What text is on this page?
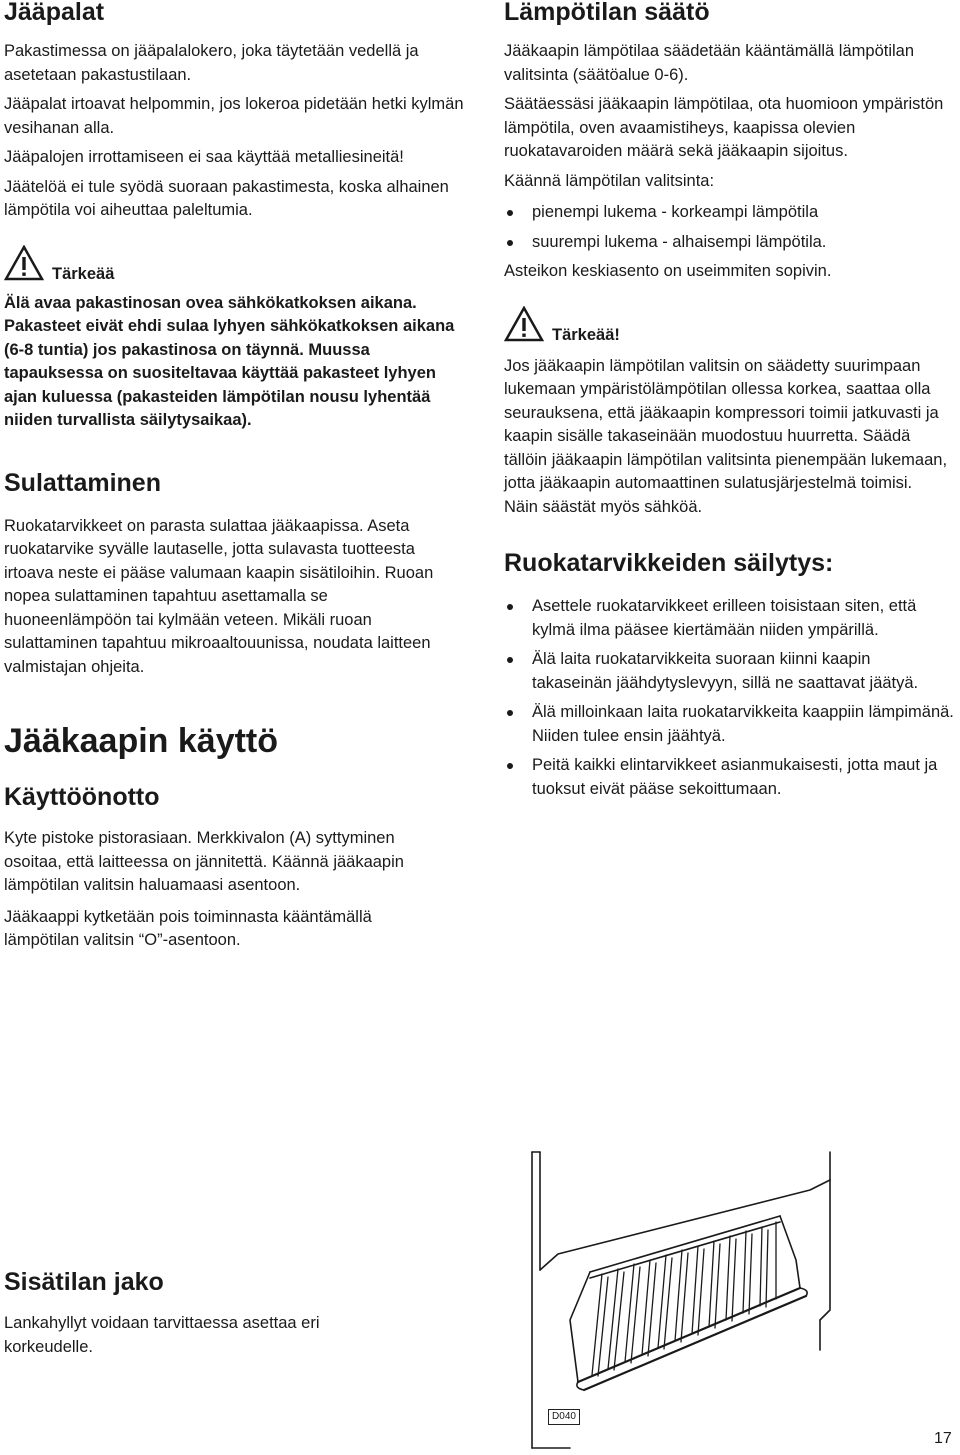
Jääpalat

Pakastimessa on jääpalalokero, joka täytetään vedellä ja asetetaan pakastustilaan.

Jääpalat irtoavat helpommin, jos lokeroa pidetään hetki kylmän vesihanan alla.

Jääpalojen irrottamiseen ei saa käyttää metalliesineitä!

Jäätelöä ei tule syödä suoraan pakastimesta, koska alhainen lämpötila voi aiheuttaa paleltumia.

Tärkeää
Älä avaa pakastinosan ovea sähkökatkoksen aikana. Pakasteet eivät ehdi sulaa lyhyen sähkökatkoksen aikana (6-8 tuntia) jos pakastinosa on täynnä. Muussa tapauksessa on suositeltavaa käyttää pakasteet lyhyen ajan kuluessa (pakasteiden lämpötilan nousu lyhentää niiden turvallista säilytysaikaa).
Sulattaminen

Ruokatarvikkeet on parasta sulattaa jääkaapissa. Aseta ruokatarvike syvälle lautaselle, jotta sulavasta tuotteesta irtoava neste ei pääse valumaan kaapin sisätiloihin. Ruoan nopea sulattaminen tapahtuu asettamalla se huoneenlämpöön tai kylmään veteen. Mikäli ruoan sulattaminen tapahtuu mikroaaltouunissa, noudata laitteen valmistajan ohjeita.

Jääkaapin käyttö
Käyttöönotto

Kyte pistoke pistorasiaan. Merkkivalon (A) syttyminen osoitaa, että laitteessa on jännitettä. Käännä jääkaapin lämpötilan valitsin haluamaasi asentoon.

Jääkaappi kytketään pois toiminnasta kääntämällä lämpötilan valitsin “O”-asentoon.

Sisätilan jako

Lankahyllyt voidaan tarvittaessa asettaa eri korkeudelle.

Lämpötilan säätö

Jääkaapin lämpötilaa säädetään kääntämällä lämpötilan valitsinta (säätöalue 0-6).

Säätäessäsi jääkaapin lämpötilaa, ota huomioon ympäristön lämpötila, oven avaamistiheys, kaapissa olevien ruokatavaroiden määrä sekä jääkaapin sijoitus.

Käännä lämpötilan valitsinta:

pienempi lukema - korkeampi lämpötila
suurempi lukema - alhaisempi lämpötila.

Asteikon keskiasento on useimmiten sopivin.

Tärkeää!

Jos jääkaapin lämpötilan valitsin on säädetty suurimpaan lukemaan ympäristölämpötilan ollessa korkea, saattaa olla seurauksena, että jääkaapin kompressori toimii jatkuvasti ja kaapin sisälle takaseinään muodostuu huurretta. Säädä tällöin jääkaapin lämpötilan valitsinta pienempään lukemaan, jotta jääkaapin automaattinen sulatusjärjestelmä toimisi. Näin säästät myös sähköä.

Ruokatarvikkeiden säilytys:
Asettele ruokatarvikkeet erilleen toisistaan siten, että kylmä ilma pääsee kiertämään niiden ympärillä.
Älä laita ruokatarvikkeita suoraan kiinni kaapin takaseinän jäähdytyslevyyn, sillä ne saattavat jäätyä.
Älä milloinkaan laita ruokatarvikkeita kaappiin lämpimänä. Niiden tulee ensin jäähtyä.
Peitä kaikki elintarvikkeet asianmukaisesti, jotta maut ja tuoksut eivät pääse sekoittumaan.
D040
17
